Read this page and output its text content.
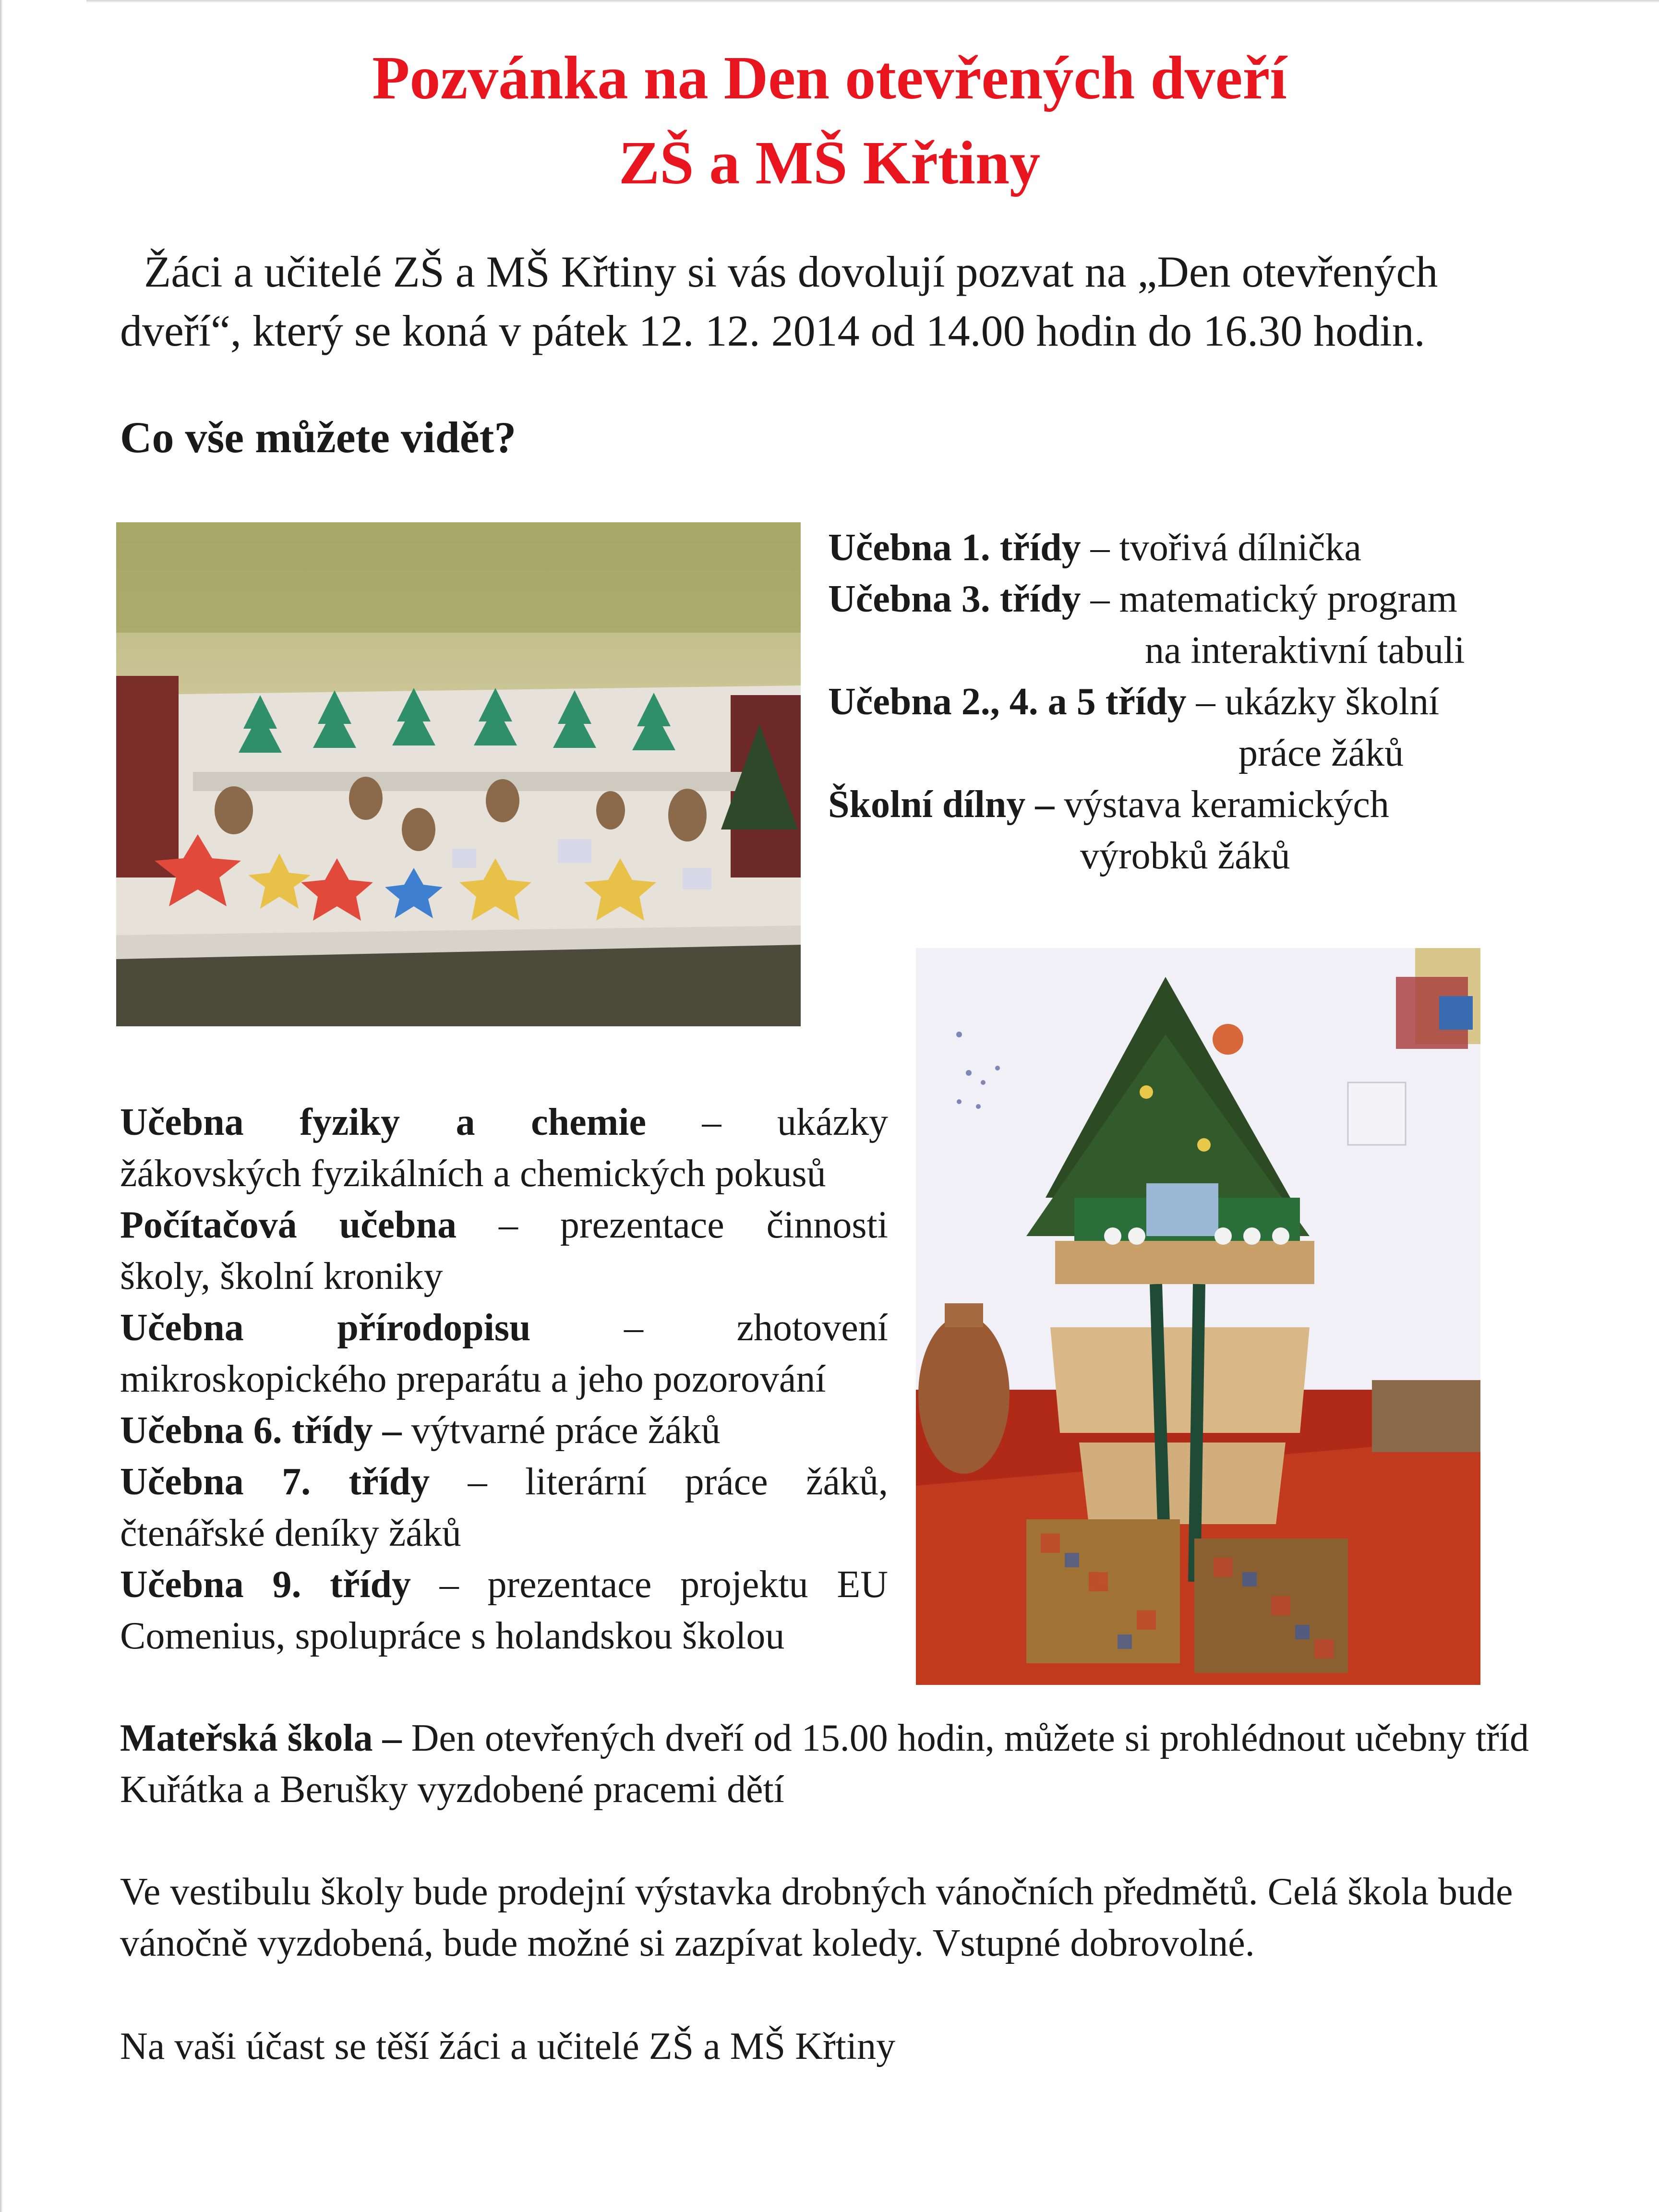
Pozvánka na Den otevřených dveří
ZŠ a MŠ Křtiny

Žáci a učitelé ZŠ a MŠ Křtiny si vás dovolují pozvat na „Den otevřených
dveří“, který se koná v pátek 12. 12. 2014 od 14.00 hodin do 16.30 hodin.

Co vše můžete vidět?
Učebna 1. třídy – tvořivá dílnička
Učebna 3. třídy – matematický program
na interaktivní tabuli
Učebna 2., 4. a 5 třídy – ukázky školní
práce žáků
Školní dílny – výstava keramických
výrobků žáků
Učebna fyziky a chemie – ukázky
žákovských fyzikálních a chemických pokusů
Počítačová učebna – prezentace činnosti
školy, školní kroniky
Učebna přírodopisu – zhotovení
mikroskopického preparátu a jeho pozorování
Učebna 6. třídy – výtvarné práce žáků
Učebna 7. třídy – literární práce žáků,
čtenářské deníky žáků
Učebna 9. třídy – prezentace projektu EU
Comenius, spolupráce s holandskou školou

Mateřská škola – Den otevřených dveří od 15.00 hodin, můžete si prohlédnout učebny tříd Kuřátka a Berušky vyzdobené pracemi dětí

Ve vestibulu školy bude prodejní výstavka drobných vánočních předmětů. Celá škola bude vánočně vyzdobená, bude možné si zazpívat koledy. Vstupné dobrovolné.

Na vaši účast se těší žáci a učitelé ZŠ a MŠ Křtiny
